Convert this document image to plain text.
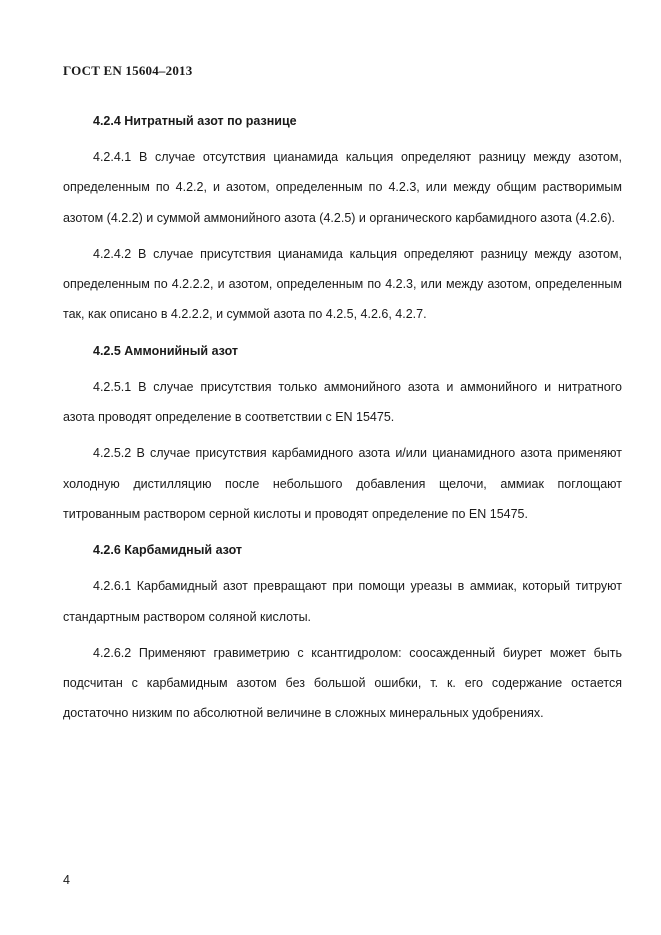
ГОСТ EN 15604–2013
4.2.4 Нитратный азот по разнице
4.2.4.1 В случае отсутствия цианамида кальция определяют разницу между азотом, определенным по 4.2.2, и азотом, определенным по 4.2.3, или между общим растворимым азотом (4.2.2) и суммой аммонийного азота (4.2.5) и органического карбамидного азота (4.2.6).
4.2.4.2 В случае присутствия цианамида кальция определяют разницу между азотом, определенным по 4.2.2.2, и азотом, определенным по 4.2.3, или между азотом, определенным так, как описано в 4.2.2.2, и суммой азота по 4.2.5, 4.2.6, 4.2.7.
4.2.5 Аммонийный азот
4.2.5.1 В случае присутствия только аммонийного азота и аммонийного и нитратного азота проводят определение в соответствии с EN 15475.
4.2.5.2 В случае присутствия карбамидного азота и/или цианамидного азота применяют холодную дистилляцию после небольшого добавления щелочи, аммиак поглощают титрованным раствором серной кислоты и проводят определение по EN 15475.
4.2.6 Карбамидный азот
4.2.6.1 Карбамидный азот превращают при помощи уреазы в аммиак, который титруют стандартным раствором соляной кислоты.
4.2.6.2 Применяют гравиметрию с ксантгидролом: соосажденный биурет может быть подсчитан с карбамидным азотом без большой ошибки, т. к. его содержание остается достаточно низким по абсолютной величине в сложных минеральных удобрениях.
4
